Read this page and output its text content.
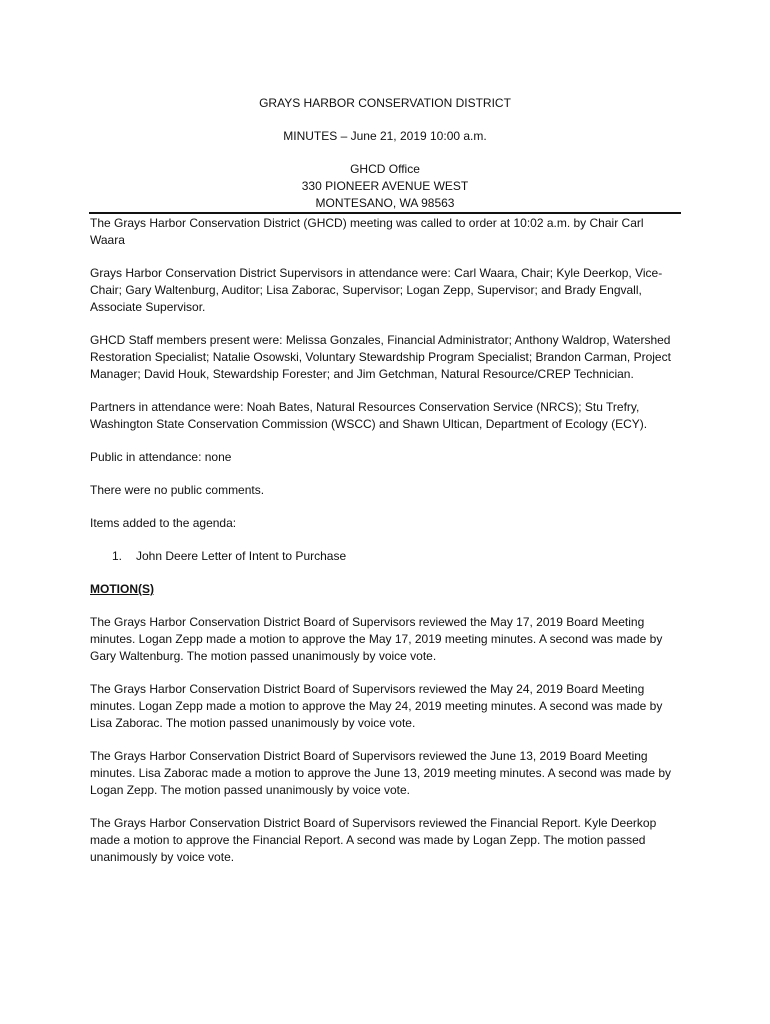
GRAYS HARBOR CONSERVATION DISTRICT
MINUTES – June 21, 2019 10:00 a.m.
GHCD Office
330 PIONEER AVENUE WEST
MONTESANO, WA 98563

The Grays Harbor Conservation District (GHCD) meeting was called to order at 10:02 a.m. by Chair Carl Waara

Grays Harbor Conservation District Supervisors in attendance were: Carl Waara, Chair; Kyle Deerkop, Vice-Chair; Gary Waltenburg, Auditor; Lisa Zaborac, Supervisor; Logan Zepp, Supervisor; and Brady Engvall, Associate Supervisor.

GHCD Staff members present were: Melissa Gonzales, Financial Administrator; Anthony Waldrop, Watershed Restoration Specialist; Natalie Osowski, Voluntary Stewardship Program Specialist; Brandon Carman, Project Manager; David Houk, Stewardship Forester; and Jim Getchman, Natural Resource/CREP Technician.

Partners in attendance were: Noah Bates, Natural Resources Conservation Service (NRCS); Stu Trefry, Washington State Conservation Commission (WSCC) and Shawn Ultican, Department of Ecology (ECY).

Public in attendance: none

There were no public comments.

Items added to the agenda:

1. John Deere Letter of Intent to Purchase

MOTION(S)

The Grays Harbor Conservation District Board of Supervisors reviewed the May 17, 2019 Board Meeting minutes. Logan Zepp made a motion to approve the May 17, 2019 meeting minutes. A second was made by Gary Waltenburg. The motion passed unanimously by voice vote.

The Grays Harbor Conservation District Board of Supervisors reviewed the May 24, 2019 Board Meeting minutes. Logan Zepp made a motion to approve the May 24, 2019 meeting minutes. A second was made by Lisa Zaborac. The motion passed unanimously by voice vote.

The Grays Harbor Conservation District Board of Supervisors reviewed the June 13, 2019 Board Meeting minutes. Lisa Zaborac made a motion to approve the June 13, 2019 meeting minutes. A second was made by Logan Zepp. The motion passed unanimously by voice vote.

The Grays Harbor Conservation District Board of Supervisors reviewed the Financial Report. Kyle Deerkop made a motion to approve the Financial Report. A second was made by Logan Zepp. The motion passed unanimously by voice vote.
